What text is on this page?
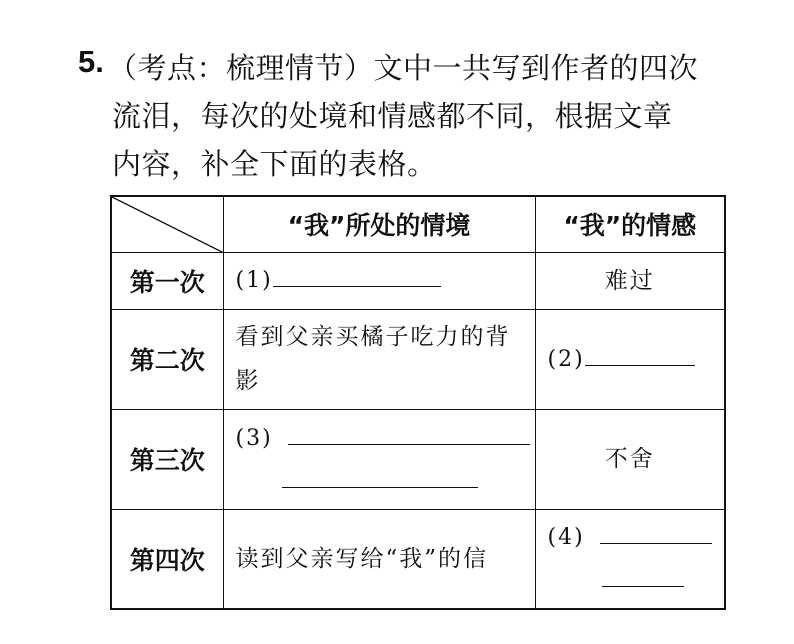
5. （考点：梳理情节）文中一共写到作者的四次
流泪，每次的处境和情感都不同，根据文章
内容，补全下面的表格。
	“我”所处的情境	“我”的情感
第一次	(1)	难过
第二次	看到父亲买橘子吃力的背影	(2)
第三次	(3)	不舍
第四次	读到父亲写给“我”的信	(4)
